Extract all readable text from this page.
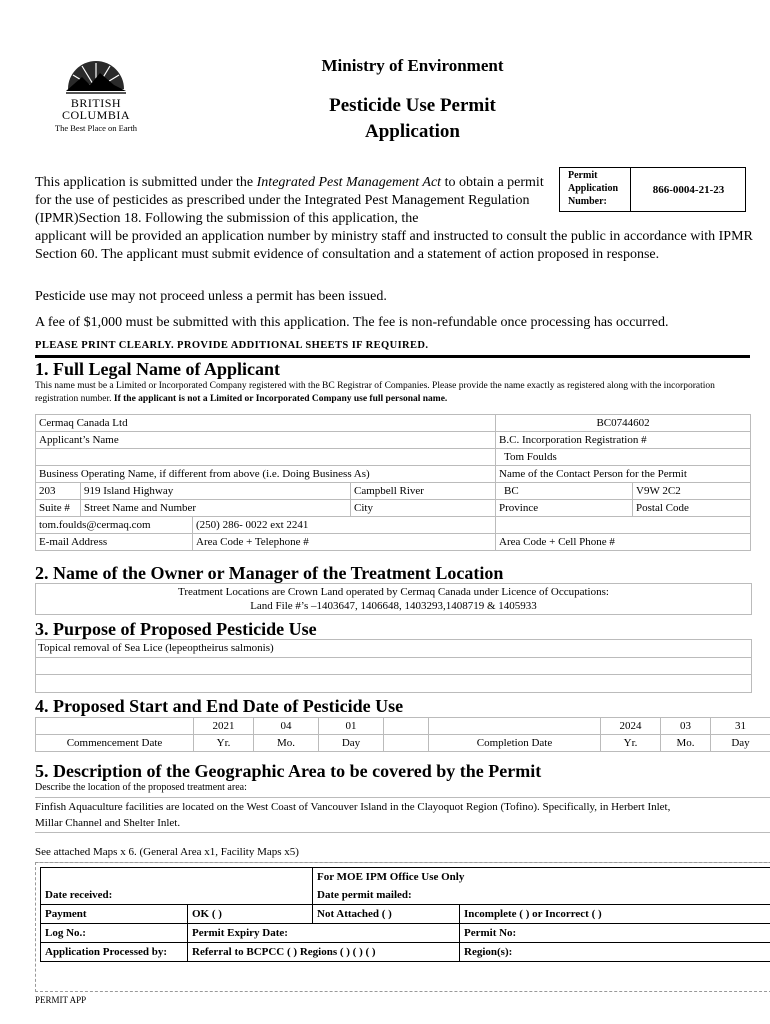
BRITISH
COLUMBIA
The Best Place on Earth
Ministry of Environment
Pesticide Use Permit
Application
Permit Application Number:
866-0004-21-23
This application is submitted under the Integrated Pest Management Act to obtain a permit for the use of pesticides as prescribed under the Integrated Pest Management Regulation (IPMR)Section 18. Following the submission of this application, the
applicant will be provided an application number by ministry staff and instructed to consult the public in accordance with IPMR Section 60. The applicant must submit evidence of consultation and a statement of action proposed in response.
Pesticide use may not proceed unless a permit has been issued.
A fee of $1,000 must be submitted with this application. The fee is non-refundable once processing has occurred.
PLEASE PRINT CLEARLY. PROVIDE ADDITIONAL SHEETS IF REQUIRED.
1. Full Legal Name of Applicant
This name must be a Limited or Incorporated Company registered with the BC Registrar of Companies. Please provide the name exactly as registered along with the incorporation registration number. If the applicant is not a Limited or Incorporated Company use full personal name.
Cermaq Canada Ltd				BC0744602	
Applicant’s Name				B.C. Incorporation Registration #	
				Tom Foulds	
Business Operating Name, if different from above (i.e. Doing Business As)				Name of the Contact Person for the Permit	
203	919 Island Highway		Campbell River	BC	V9W 2C2
Suite #	Street Name and Number		City	Province	Postal Code
tom.foulds@cermaq.com		(250) 286- 0022 ext 2241			
E-mail Address		Area Code + Telephone #		Area Code + Cell Phone #	
2. Name of the Owner or Manager of the Treatment Location
Treatment Locations are Crown Land operated by Cermaq Canada under Licence of Occupations:
Land File #’s –1403647, 1406648, 1403293,1408719 & 1405933
3. Purpose of Proposed Pesticide Use
Topical removal of Sea Lice (lepeoptheirus salmonis)
4. Proposed Start and End Date of Pesticide Use
	2021	04	01			2024	03	31
Commencement Date	Yr.	Mo.	Day		Completion Date	Yr.	Mo.	Day
5. Description of the Geographic Area to be covered by the Permit
Describe the location of the proposed treatment area:
Finfish Aquaculture facilities are located on the West Coast of Vancouver Island in the Clayoquot Region (Tofino). Specifically, in Herbert Inlet,
Millar Channel and Shelter Inlet.
See attached Maps x 6. (General Area x1, Facility Maps x5)
		For MOE IPM Office Use Only	
Date received:		Date permit mailed:	
Payment	OK ( )	Not Attached ( )	Incomplete ( ) or Incorrect ( )
Log No.:	Permit Expiry Date:		Permit No:
Application Processed by:	Referral to BCPCC ( ) Regions ( ) ( ) ( )		Region(s):
PERMIT APP
